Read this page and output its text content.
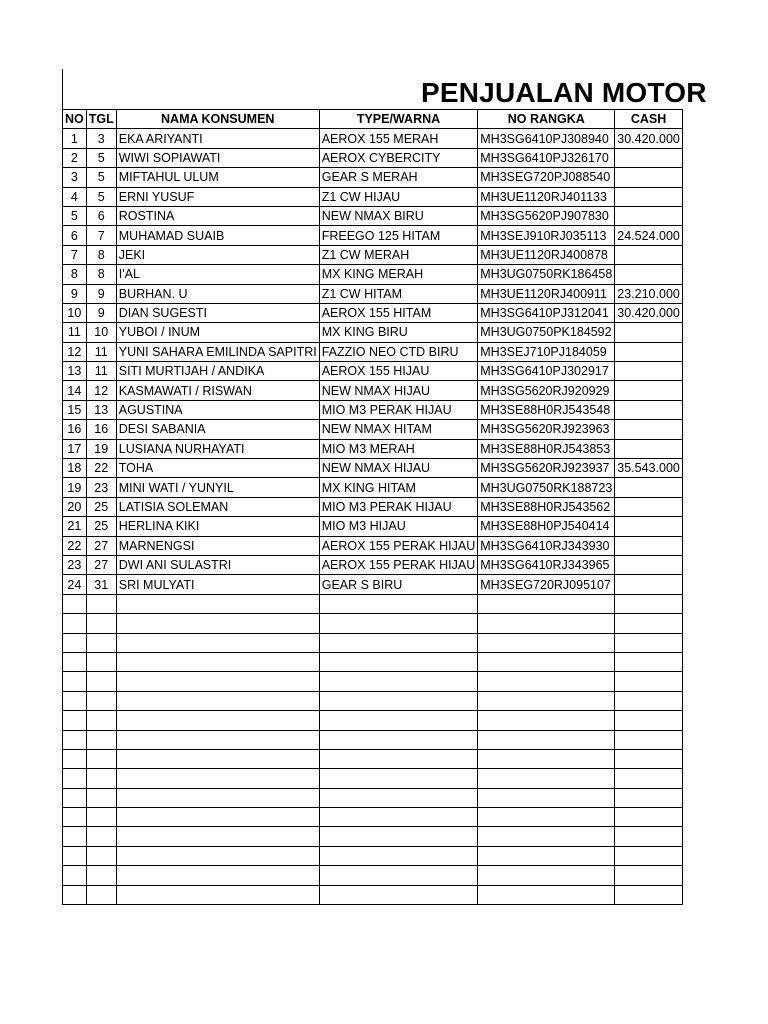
PENJUALAN MOTOR
NO	TGL	NAMA KONSUMEN	TYPE/WARNA	NO RANGKA	CASH
1	3	EKA ARIYANTI	AEROX 155 MERAH	MH3SG6410PJ308940	30.420.000
2	5	WIWI SOPIAWATI	AEROX CYBERCITY	MH3SG6410PJ326170	
3	5	MIFTAHUL ULUM	GEAR S MERAH	MH3SEG720PJ088540	
4	5	ERNI YUSUF	Z1 CW HIJAU	MH3UE1120RJ401133	
5	6	ROSTINA	NEW NMAX BIRU	MH3SG5620PJ907830	
6	7	MUHAMAD SUAIB	FREEGO 125 HITAM	MH3SEJ910RJ035113	24.524.000
7	8	JEKI	Z1 CW MERAH	MH3UE1120RJ400878	
8	8	I'AL	MX KING MERAH	MH3UG0750RK186458	
9	9	BURHAN. U	Z1 CW HITAM	MH3UE1120RJ400911	23.210.000
10	9	DIAN SUGESTI	AEROX 155 HITAM	MH3SG6410PJ312041	30.420.000
11	10	YUBOI / INUM	MX KING BIRU	MH3UG0750PK184592	
12	11	YUNI SAHARA EMILINDA SAPITRI	FAZZIO NEO CTD BIRU	MH3SEJ710PJ184059	
13	11	SITI MURTIJAH / ANDIKA	AEROX 155 HIJAU	MH3SG6410PJ302917	
14	12	KASMAWATI / RISWAN	NEW NMAX HIJAU	MH3SG5620RJ920929	
15	13	AGUSTINA	MIO M3 PERAK HIJAU	MH3SE88H0RJ543548	
16	16	DESI SABANIA	NEW NMAX HITAM	MH3SG5620RJ923963	
17	19	LUSIANA NURHAYATI	MIO M3 MERAH	MH3SE88H0RJ543853	
18	22	TOHA	NEW NMAX HIJAU	MH3SG5620RJ923937	35.543.000
19	23	MINI WATI / YUNYIL	MX KING HITAM	MH3UG0750RK188723	
20	25	LATISIA SOLEMAN	MIO M3 PERAK HIJAU	MH3SE88H0RJ543562	
21	25	HERLINA KIKI	MIO M3 HIJAU	MH3SE88H0PJ540414	
22	27	MARNENGSI	AEROX 155 PERAK HIJAU	MH3SG6410RJ343930	
23	27	DWI ANI SULASTRI	AEROX 155 PERAK HIJAU	MH3SG6410RJ343965	
24	31	SRI MULYATI	GEAR S BIRU	MH3SEG720RJ095107	
